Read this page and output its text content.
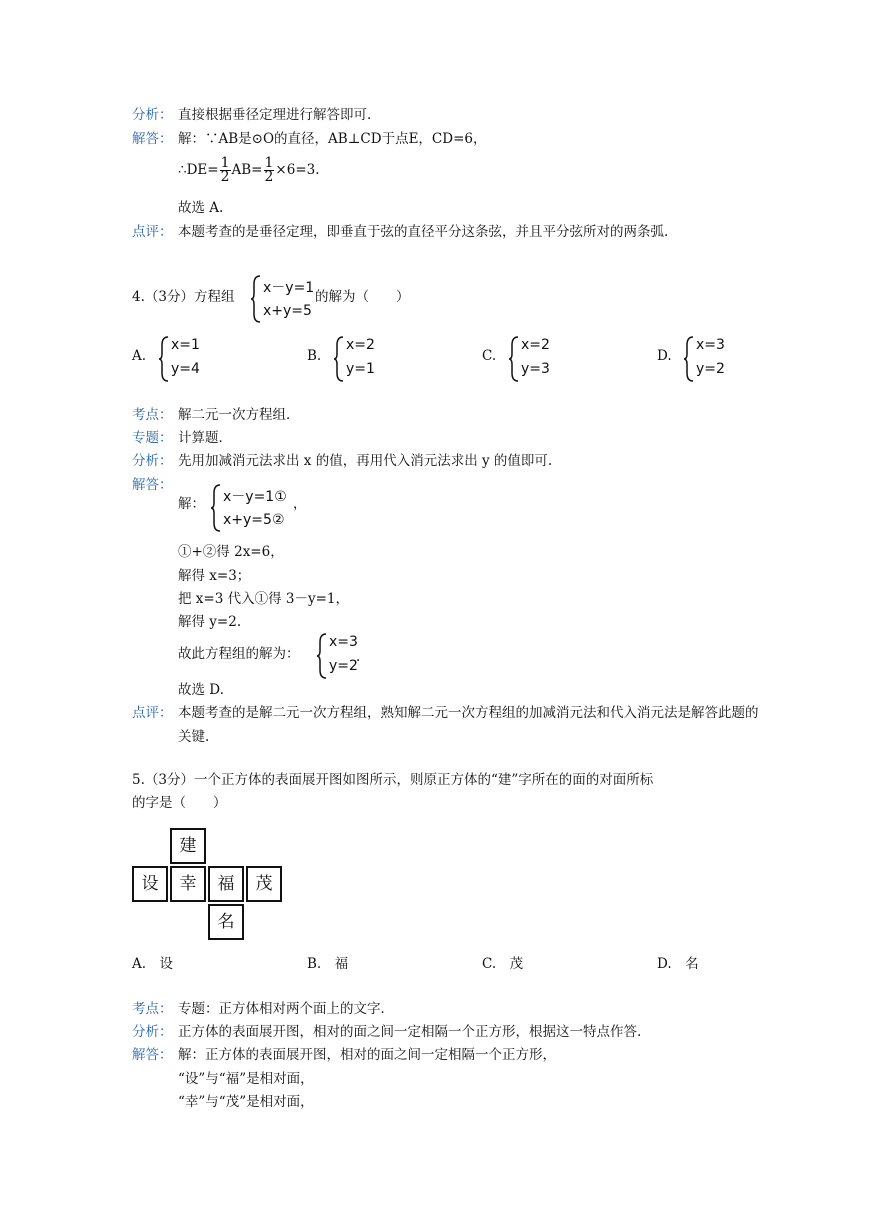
分析： 直接根据垂径定理进行解答即可.
解答： 解：∵AB是⊙O的直径，AB⊥CD于点E，CD=6，
∴DE= $\frac{1}{2} AB= \frac{1}{2} \times 6=3$.
故选 A.
点评： 本题考查的是垂径定理，即垂直于弦的直径平分这条弦，并且平分弦所对的两条弧.
4.（3分）方程组
x－y=1
x+y=5
的解为（　　）
A.
x=1
y=4
B.
x=2
y=1
C.
x=2
y=3
D.
x=3
y=2
考点： 解二元一次方程组．
专题： 计算题．
分析： 先用加减消元法求出 x 的值，再用代入消元法求出 y 的值即可.
解答：
解： x－y=1①
x+y=5②
，
①+②得 2x=6，
解得 x=3；
把 x=3 代入①得 3－y=1，
解得 y=2.
故此方程组的解为：
x=3
y=2
.
故选 D.
点评： 本题考查的是解二元一次方程组，熟知解二元一次方程组的加减消元法和代入消元法是解答此题的
关键.
5.（3分）一个正方体的表面展开图如图所示，则原正方体的“建”字所在的面的对面所标
的字是（　　）
建
设	幸	福	茂
名
A.　 设	B.　 福	C.　 茂	D.　 名
考点： 专题：正方体相对两个面上的文字．
分析： 正方体的表面展开图，相对的面之间一定相隔一个正方形，根据这一特点作答.
解答： 解：正方体的表面展开图，相对的面之间一定相隔一个正方形，
“设”与“福”是相对面，
“幸”与“茂”是相对面，
